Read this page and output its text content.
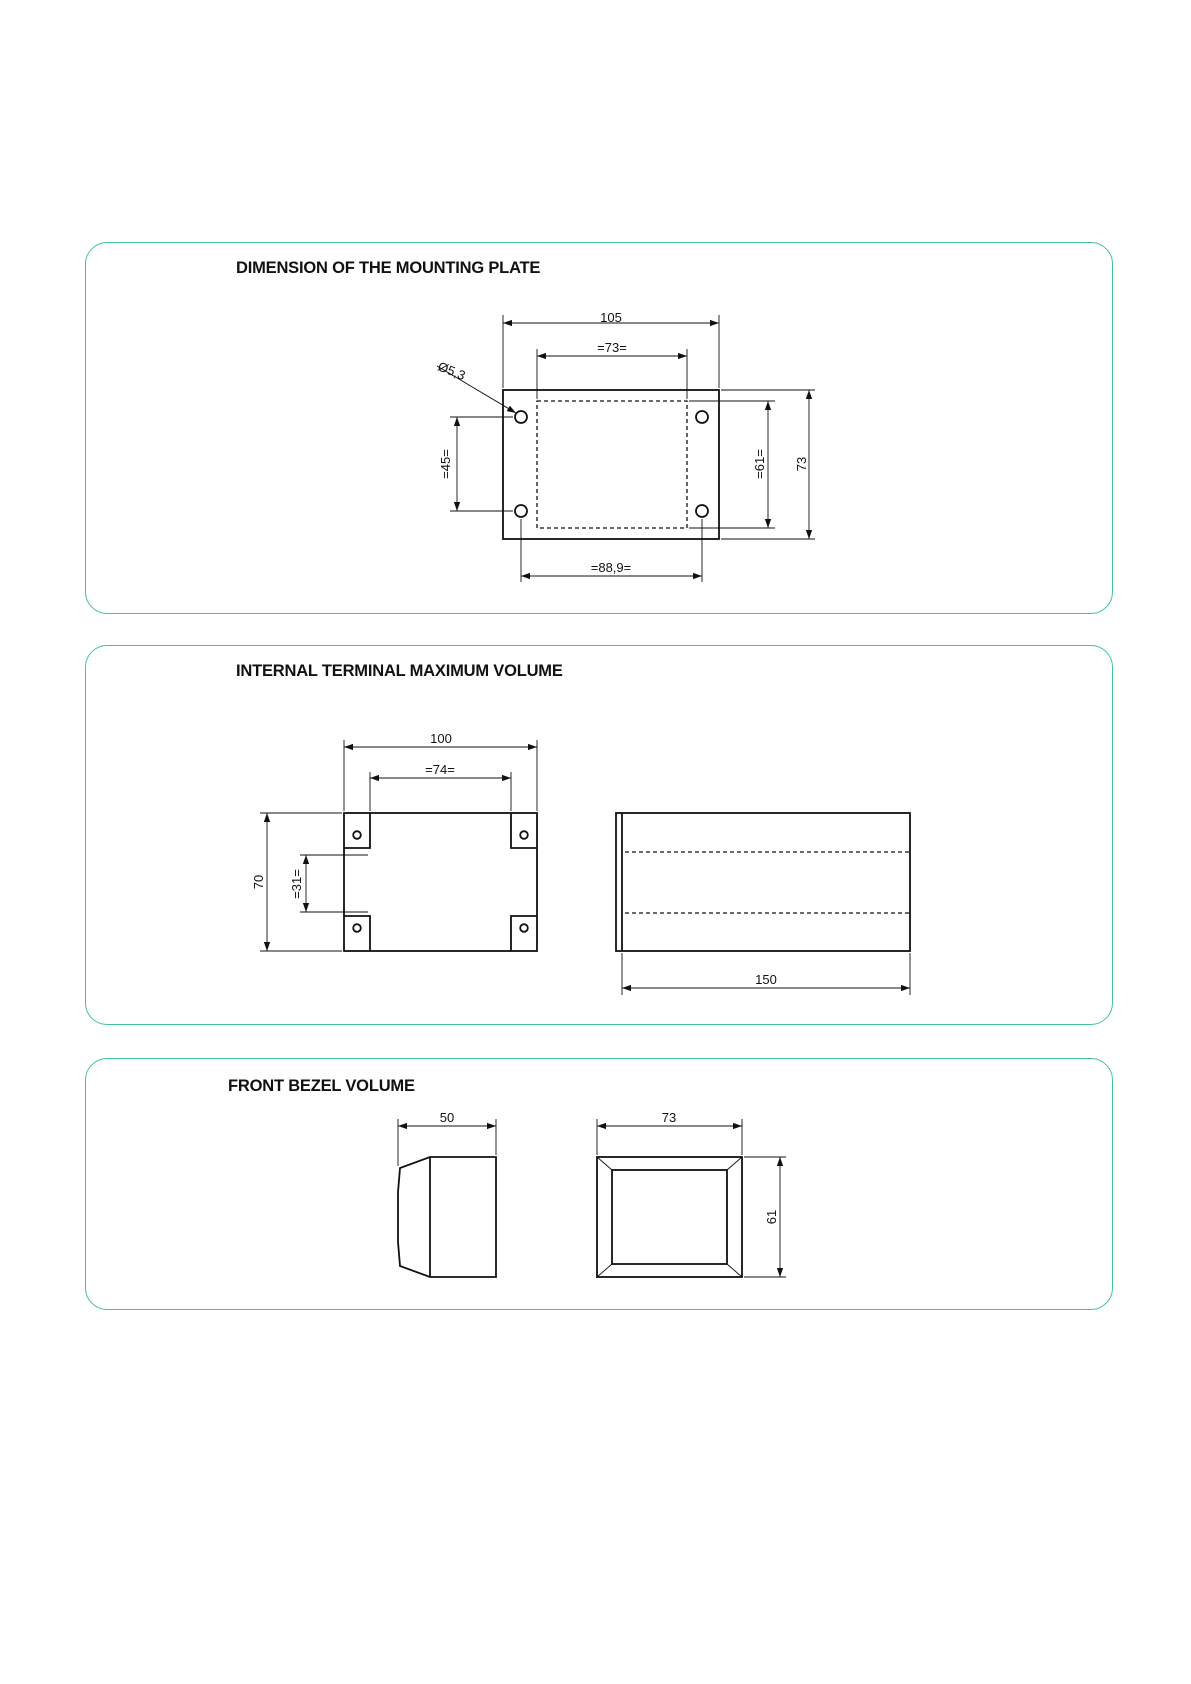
DIMENSION OF THE MOUNTING PLATE
INTERNAL TERMINAL MAXIMUM VOLUME
FRONT BEZEL VOLUME
105
=73=
73
=61=
=45=
=88,9=
Ø5,3
100
=74=
70 =31=
150
50	73
61
